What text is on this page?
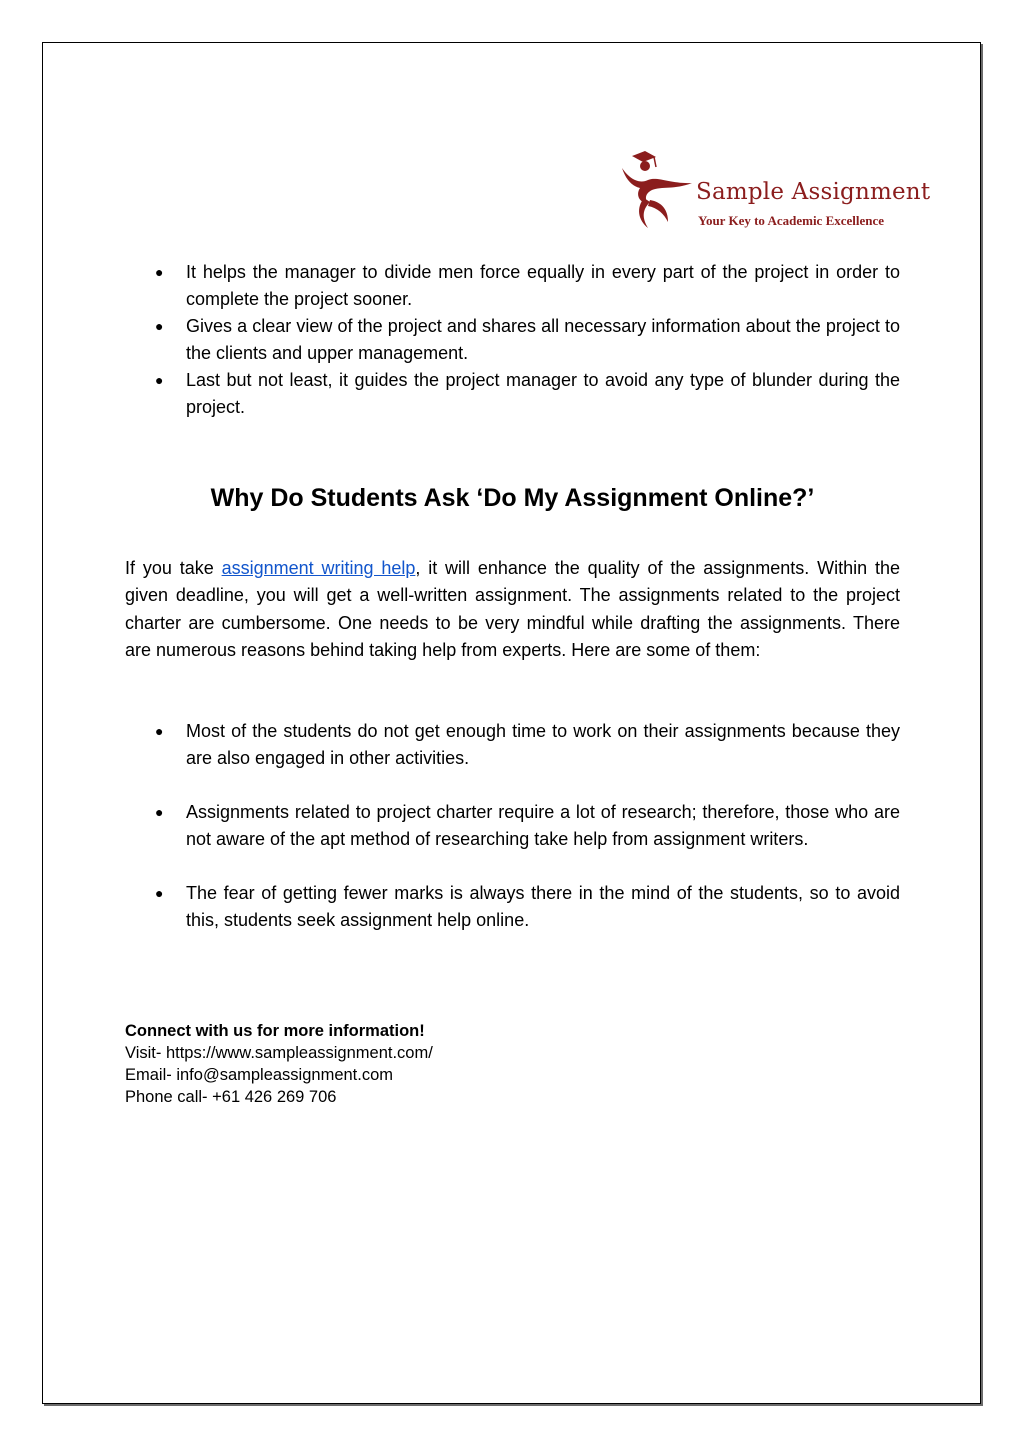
Sample Assignment
Your Key to Academic Excellence
● It helps the manager to divide men force equally in every part of the project in order to complete the project sooner.
● Gives a clear view of the project and shares all necessary information about the project to the clients and upper management.
● Last but not least, it guides the project manager to avoid any type of blunder during the project.
Why Do Students Ask ‘Do My Assignment Online?’

If you take assignment writing help, it will enhance the quality of the assignments. Within the given deadline, you will get a well-written assignment. The assignments related to the project charter are cumbersome. One needs to be very mindful while drafting the assignments. There are numerous reasons behind taking help from experts. Here are some of them:

● Most of the students do not get enough time to work on their assignments because they are also engaged in other activities.
● Assignments related to project charter require a lot of research; therefore, those who are not aware of the apt method of researching take help from assignment writers.
● The fear of getting fewer marks is always there in the mind of the students, so to avoid this, students seek assignment help online.
Connect with us for more information!
Visit- https://www.sampleassignment.com/
Email- info@sampleassignment.com
Phone call- +61 426 269 706
